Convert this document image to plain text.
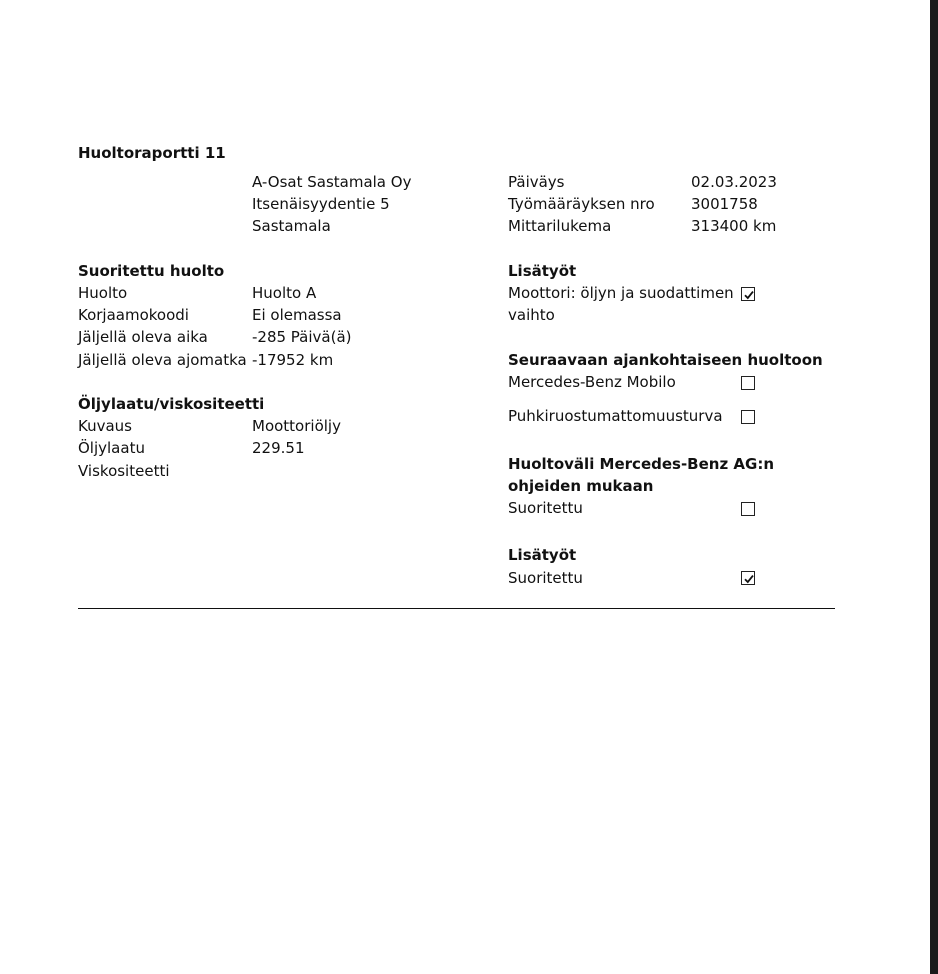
Huoltoraportti 11
A-Osat Sastamala Oy
Itsenäisyydentie 5
Sastamala
Päiväys	02.03.2023
Työmääräyksen nro 3001758
Mittarilukema	313400 km
Suoritettu huolto
Huolto	Huolto A
Korjaamokoodi	Ei olemassa
Jäljellä oleva aika	-285 Päivä(ä)
Jäljellä oleva ajomatka -17952 km
Öljylaatu/viskositeetti
Kuvaus	Moottoriöljy
Öljylaatu	229.51
Viskositeetti
Lisätyöt
Moottori: öljyn ja suodattimen vaihto
Seuraavaan ajankohtaiseen huoltoon
Mercedes-Benz Mobilo
Puhkiruostumattomuusturva
Huoltoväli Mercedes-Benz AG:n ohjeiden mukaan
Suoritettu
Lisätyöt
Suoritettu
